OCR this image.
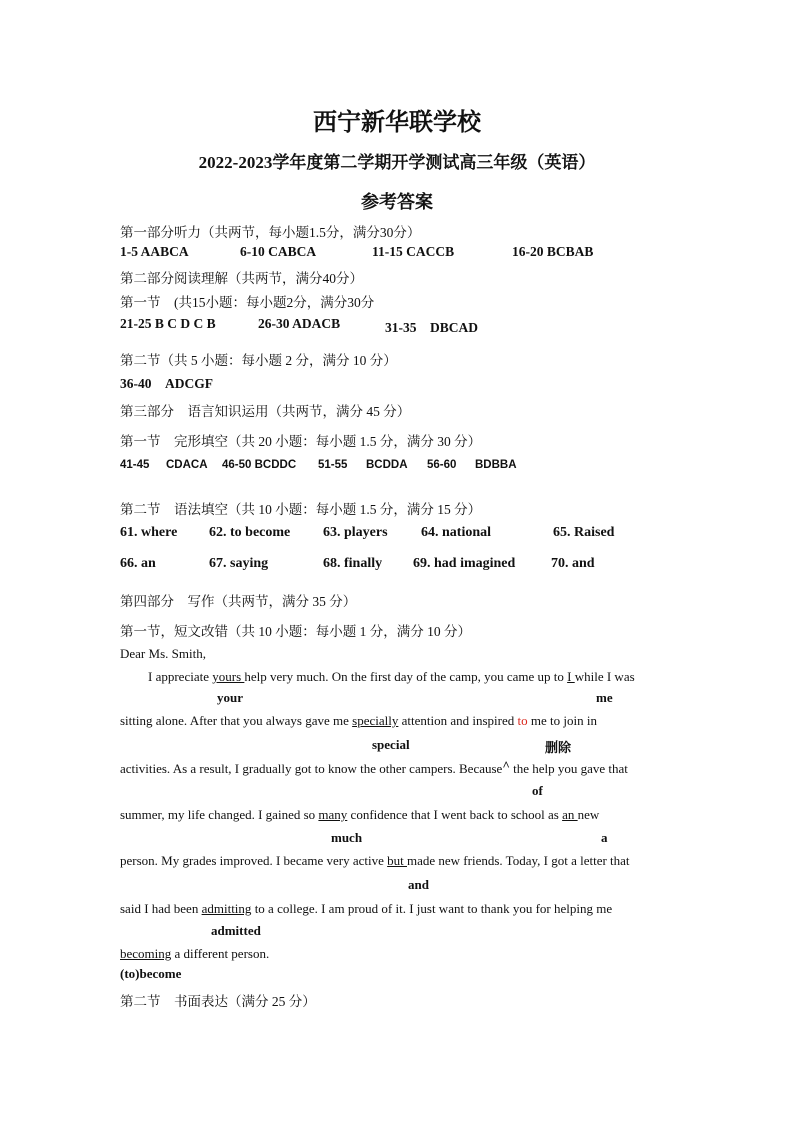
西宁新华联学校
2022-2023学年度第二学期开学测试高三年级（英语）
参考答案
第一部分听力（共两节，每小题1.5分，满分30分）
1-5 AABCA	6-10 CABCA	11-15 CACCB	16-20 BCBAB
第二部分阅读理解（共两节，满分40分）
第一节　(共15小题：每小题2分，满分30分
21-25 B C D C B	26-30 ADACB	31-35　DBCAD
第二节（共 5 小题：每小题 2 分，满分 10 分）
36-40　ADCGF
第三部分　语言知识运用（共两节，满分 45 分）
第一节　完形填空（共 20 小题：每小题 1.5 分，满分 30 分）
41-45 CDACA 46-50 BCDDC 51-55 BCDDA 56-60 BDBBA
第二节　语法填空（共 10 小题：每小题 1.5 分，满分 15 分）
61. where 62. to become 63. players 64. national	65. Raised
66. an	67. saying	68. finally 69. had imagined	70. and
第四部分　写作（共两节，满分 35 分）
第一节，短文改错（共 10 小题：每小题 1 分，满分 10 分）
Dear Ms. Smith,
I appreciate yours help very much. On the first day of the camp, you came up to I while I was
your	me
sitting alone. After that you always gave me specially attention and inspired to me to join in
special	删除
activities. As a result, I gradually got to know the other campers. Because^ the help you gave that
of
summer, my life changed. I gained so many confidence that I went back to school as an new
much	a
person. My grades improved. I became very active but made new friends. Today, I got a letter that
and
said I had been admitting to a college. I am proud of it. I just want to thank you for helping me
admitted
becoming a different person.
(to)become
第二节　书面表达（满分 25 分）
